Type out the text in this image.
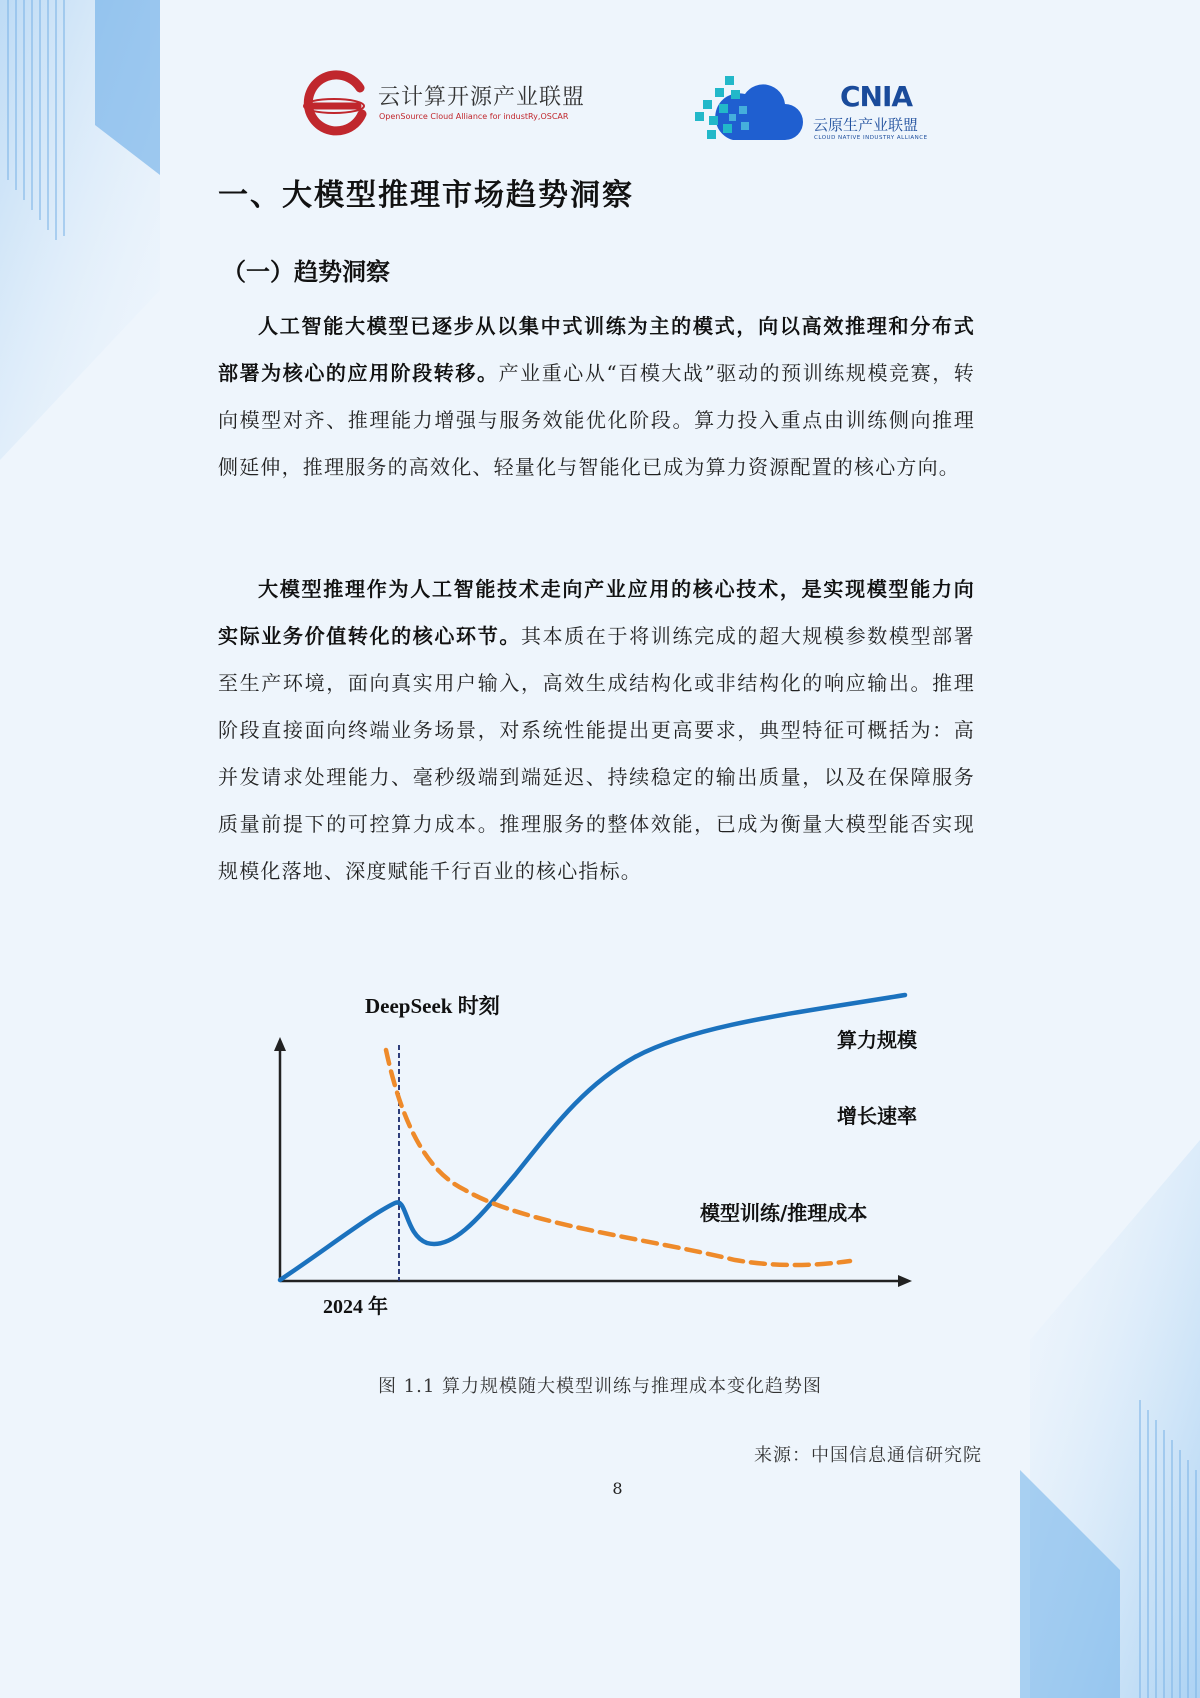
云计算开源产业联盟
OpenSource Cloud Alliance for industRy,OSCAR
CNIA
云原生产业联盟
CLOUD NATIVE INDUSTRY ALLIANCE
一、大模型推理市场趋势洞察
（一）趋势洞察

人工智能大模型已逐步从以集中式训练为主的模式，向以高效推理和分布式部署为核心的应用阶段转移。产业重心从“百模大战”驱动的预训练规模竞赛，转向模型对齐、推理能力增强与服务效能优化阶段。算力投入重点由训练侧向推理侧延伸，推理服务的高效化、轻量化与智能化已成为算力资源配置的核心方向。

大模型推理作为人工智能技术走向产业应用的核心技术，是实现模型能力向实际业务价值转化的核心环节。其本质在于将训练完成的超大规模参数模型部署至生产环境，面向真实用户输入，高效生成结构化或非结构化的响应输出。推理阶段直接面向终端业务场景，对系统性能提出更高要求，典型特征可概括为：高并发请求处理能力、毫秒级端到端延迟、持续稳定的输出质量，以及在保障服务质量前提下的可控算力成本。推理服务的整体效能，已成为衡量大模型能否实现规模化落地、深度赋能千行百业的核心指标。

DeepSeek 时刻
算力规模
增长速率
模型训练/推理成本
2024 年
图 1.1 算力规模随大模型训练与推理成本变化趋势图
来源：中国信息通信研究院
8
